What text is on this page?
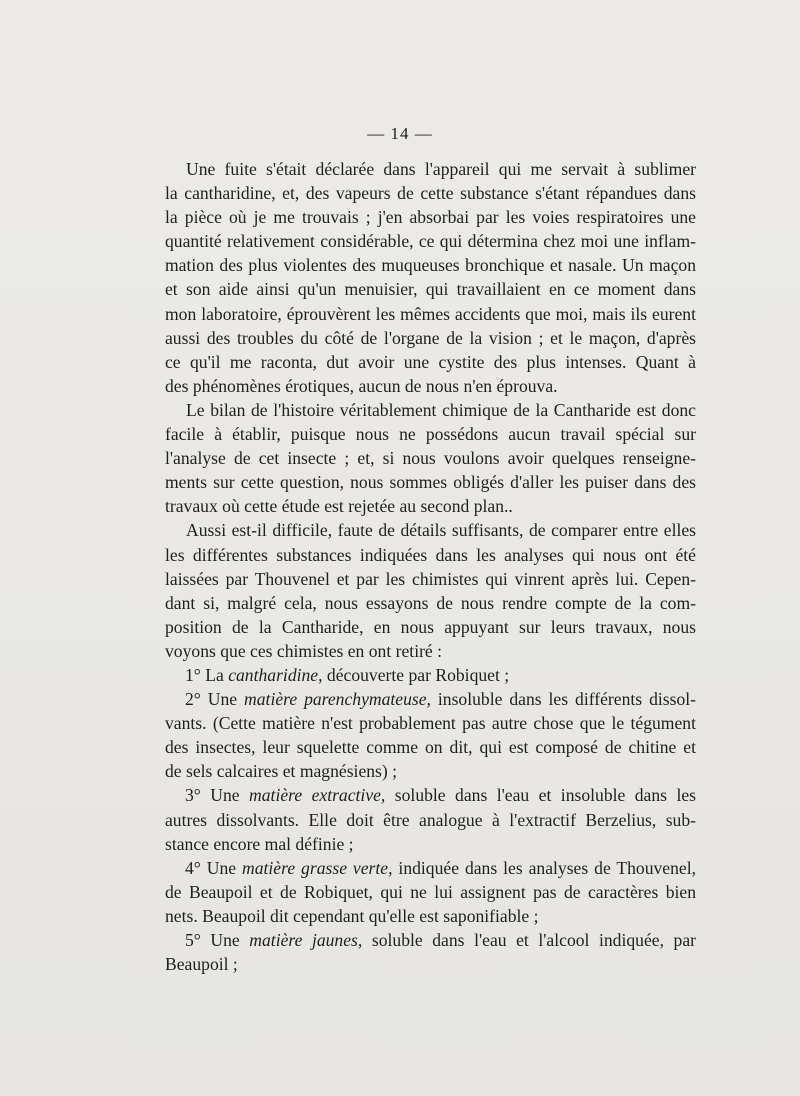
— 14 —
Une fuite s'était déclarée dans l'appareil qui me servait à sublimer
la cantharidine, et, des vapeurs de cette substance s'étant répandues dans
la pièce où je me trouvais ; j'en absorbai par les voies respiratoires une
quantité relativement considérable, ce qui détermina chez moi une inflam-
mation des plus violentes des muqueuses bronchique et nasale. Un maçon
et son aide ainsi qu'un menuisier, qui travaillaient en ce moment dans
mon laboratoire, éprouvèrent les mêmes accidents que moi, mais ils eurent
aussi des troubles du côté de l'organe de la vision ; et le maçon, d'après
ce qu'il me raconta, dut avoir une cystite des plus intenses. Quant à
des phénomènes érotiques, aucun de nous n'en éprouva.
Le bilan de l'histoire véritablement chimique de la Cantharide est donc
facile à établir, puisque nous ne possédons aucun travail spécial sur
l'analyse de cet insecte ; et, si nous voulons avoir quelques renseigne-
ments sur cette question, nous sommes obligés d'aller les puiser dans des
travaux où cette étude est rejetée au second plan..
Aussi est-il difficile, faute de détails suffisants, de comparer entre elles
les différentes substances indiquées dans les analyses qui nous ont été
laissées par Thouvenel et par les chimistes qui vinrent après lui. Cepen-
dant si, malgré cela, nous essayons de nous rendre compte de la com-
position de la Cantharide, en nous appuyant sur leurs travaux, nous
voyons que ces chimistes en ont retiré :
1° La cantharidine, découverte par Robiquet ;
2° Une matière parenchymateuse, insoluble dans les différents dissol-
vants. (Cette matière n'est probablement pas autre chose que le tégument
des insectes, leur squelette comme on dit, qui est composé de chitine et
de sels calcaires et magnésiens) ;
3° Une matière extractive, soluble dans l'eau et insoluble dans les
autres dissolvants. Elle doit être analogue à l'extractif Berzelius, sub-
stance encore mal définie ;
4° Une matière grasse verte, indiquée dans les analyses de Thouvenel,
de Beaupoil et de Robiquet, qui ne lui assignent pas de caractères bien
nets. Beaupoil dit cependant qu'elle est saponifiable ;
5° Une matière jaunes, soluble dans l'eau et l'alcool indiquée, par
Beaupoil ;
